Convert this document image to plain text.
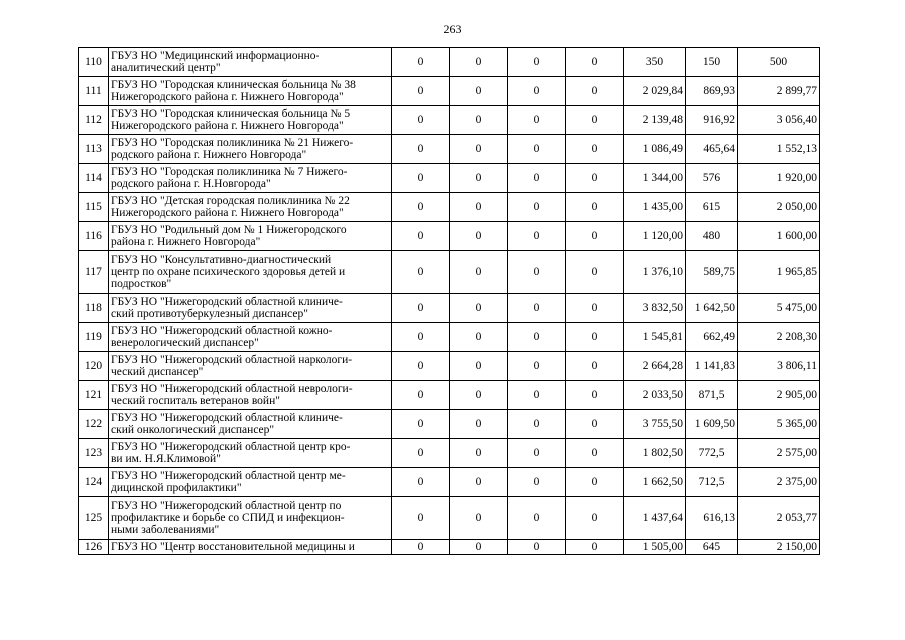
263
110	ГБУЗ НО "Медицинский информационно-
аналитический центр"	0	0	0	0	350	150	500
111	ГБУЗ НО "Городская клиническая больница № 38
Нижегородского района г. Нижнего Новгорода"	0	0	0	0	2 029,84	869,93	2 899,77
112	ГБУЗ НО "Городская клиническая больница № 5
Нижегородского района г. Нижнего Новгорода"	0	0	0	0	2 139,48	916,92	3 056,40
113	ГБУЗ НО "Городская поликлиника № 21 Нижего-
родского района г. Нижнего Новгорода"	0	0	0	0	1 086,49	465,64	1 552,13
114	ГБУЗ НО "Городская поликлиника № 7 Нижего-
родского района г. Н.Новгорода"	0	0	0	0	1 344,00	576	1 920,00
115	ГБУЗ НО "Детская городская поликлиника № 22
Нижегородского района г. Нижнего Новгорода"	0	0	0	0	1 435,00	615	2 050,00
116	ГБУЗ НО "Родильный дом № 1 Нижегородского
района г. Нижнего Новгорода"	0	0	0	0	1 120,00	480	1 600,00
117	ГБУЗ НО "Консультативно-диагностический
центр по охране психического здоровья детей и
подростков"	0	0	0	0	1 376,10	589,75	1 965,85
118	ГБУЗ НО "Нижегородский областной клиниче-
ский противотуберкулезный диспансер"	0	0	0	0	3 832,50	1 642,50	5 475,00
119	ГБУЗ НО "Нижегородский областной кожно-
венерологический диспансер"	0	0	0	0	1 545,81	662,49	2 208,30
120	ГБУЗ НО "Нижегородский областной наркологи-
ческий диспансер"	0	0	0	0	2 664,28	1 141,83	3 806,11
121	ГБУЗ НО "Нижегородский областной неврологи-
ческий госпиталь ветеранов войн"	0	0	0	0	2 033,50	871,5	2 905,00
122	ГБУЗ НО "Нижегородский областной клиниче-
ский онкологический диспансер"	0	0	0	0	3 755,50	1 609,50	5 365,00
123	ГБУЗ НО "Нижегородский областной центр кро-
ви им. Н.Я.Климовой"	0	0	0	0	1 802,50	772,5	2 575,00
124	ГБУЗ НО "Нижегородский областной центр ме-
дицинской профилактики"	0	0	0	0	1 662,50	712,5	2 375,00
125	ГБУЗ НО "Нижегородский областной центр по
профилактике и борьбе со СПИД и инфекцион-
ными заболеваниями"	0	0	0	0	1 437,64	616,13	2 053,77
126	ГБУЗ НО "Центр восстановительной медицины и	0	0	0	0	1 505,00	645	2 150,00
